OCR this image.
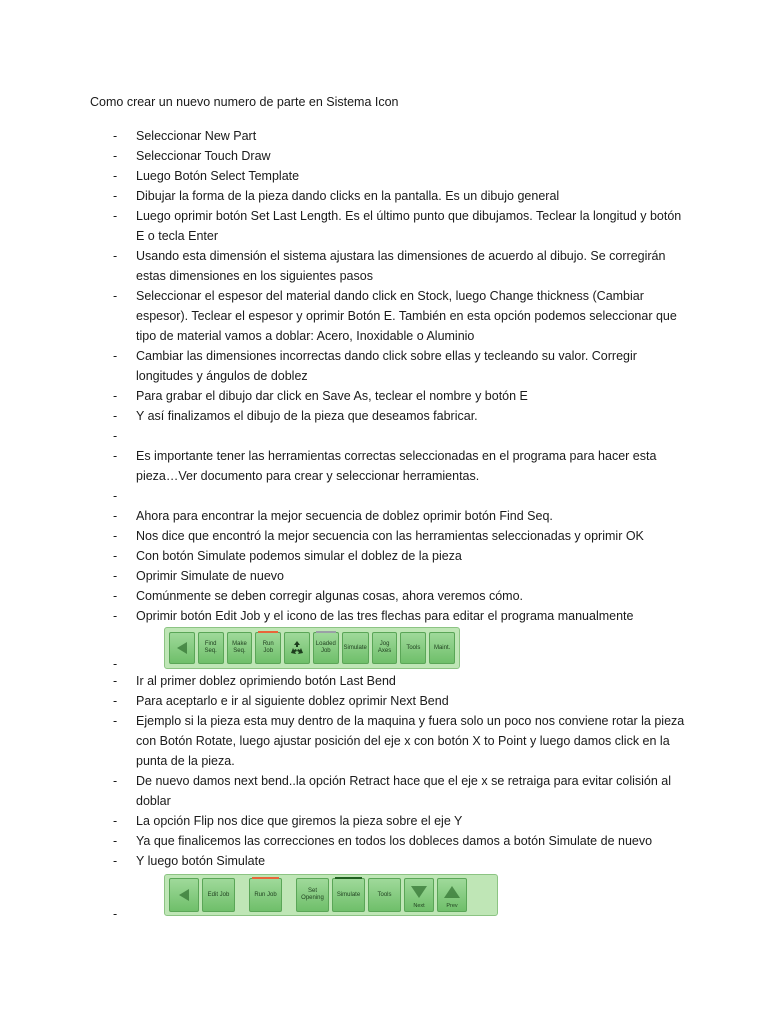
Como crear un nuevo numero de parte en Sistema Icon
- Seleccionar New Part
- Seleccionar Touch Draw
- Luego Botón Select Template
- Dibujar la forma de la pieza dando clicks en la pantalla. Es un dibujo general
- Luego oprimir botón Set Last Length. Es el último punto que dibujamos. Teclear la longitud y botón E o tecla Enter
- Usando esta dimensión el sistema ajustara las dimensiones de acuerdo al dibujo. Se corregirán estas dimensiones en los siguientes pasos
- Seleccionar el espesor del material dando click en Stock, luego Change thickness (Cambiar espesor). Teclear el espesor y oprimir Botón E. También en esta opción podemos seleccionar que tipo de material vamos a doblar: Acero, Inoxidable o Aluminio
- Cambiar las dimensiones incorrectas dando click sobre ellas y tecleando su valor. Corregir longitudes y ángulos de doblez
- Para grabar el dibujo dar click en Save As, teclear el nombre y botón E
- Y así finalizamos el dibujo de la pieza que deseamos fabricar.
-
- Es importante tener las herramientas correctas seleccionadas en el programa para hacer esta pieza…Ver documento para crear y seleccionar herramientas.
-
- Ahora para encontrar la mejor secuencia de doblez oprimir botón Find Seq.
- Nos dice que encontró la mejor secuencia con las herramientas seleccionadas y oprimir OK
- Con botón Simulate podemos simular el doblez de la pieza
- Oprimir Simulate de nuevo
- Comúnmente se deben corregir algunas cosas, ahora veremos cómo.
- Oprimir botón Edit Job y el icono de las tres flechas para editar el programa manualmente
-
Find Seq.
Make Seq.
Run Job
Loaded Job
Simulate
Jog Axes
Tools	Maint.
- Ir al primer doblez oprimiendo botón Last Bend
- Para aceptarlo e ir al siguiente doblez oprimir Next Bend
- Ejemplo si la pieza esta muy dentro de la maquina y fuera solo un poco nos conviene rotar la pieza con Botón Rotate, luego ajustar posición del eje x con botón X to Point y luego damos click en la punta de la pieza.
- De nuevo damos next bend..la opción Retract hace que el eje x se retraiga para evitar colisión al doblar
- La opción Flip nos dice que giremos la pieza sobre el eje Y
- Ya que finalicemos las correcciones en todos los dobleces damos a botón Simulate de nuevo
- Y luego botón Simulate
-
Edit Job	Run Job
Set Opening
Simulate	Tools
Next	Prev
